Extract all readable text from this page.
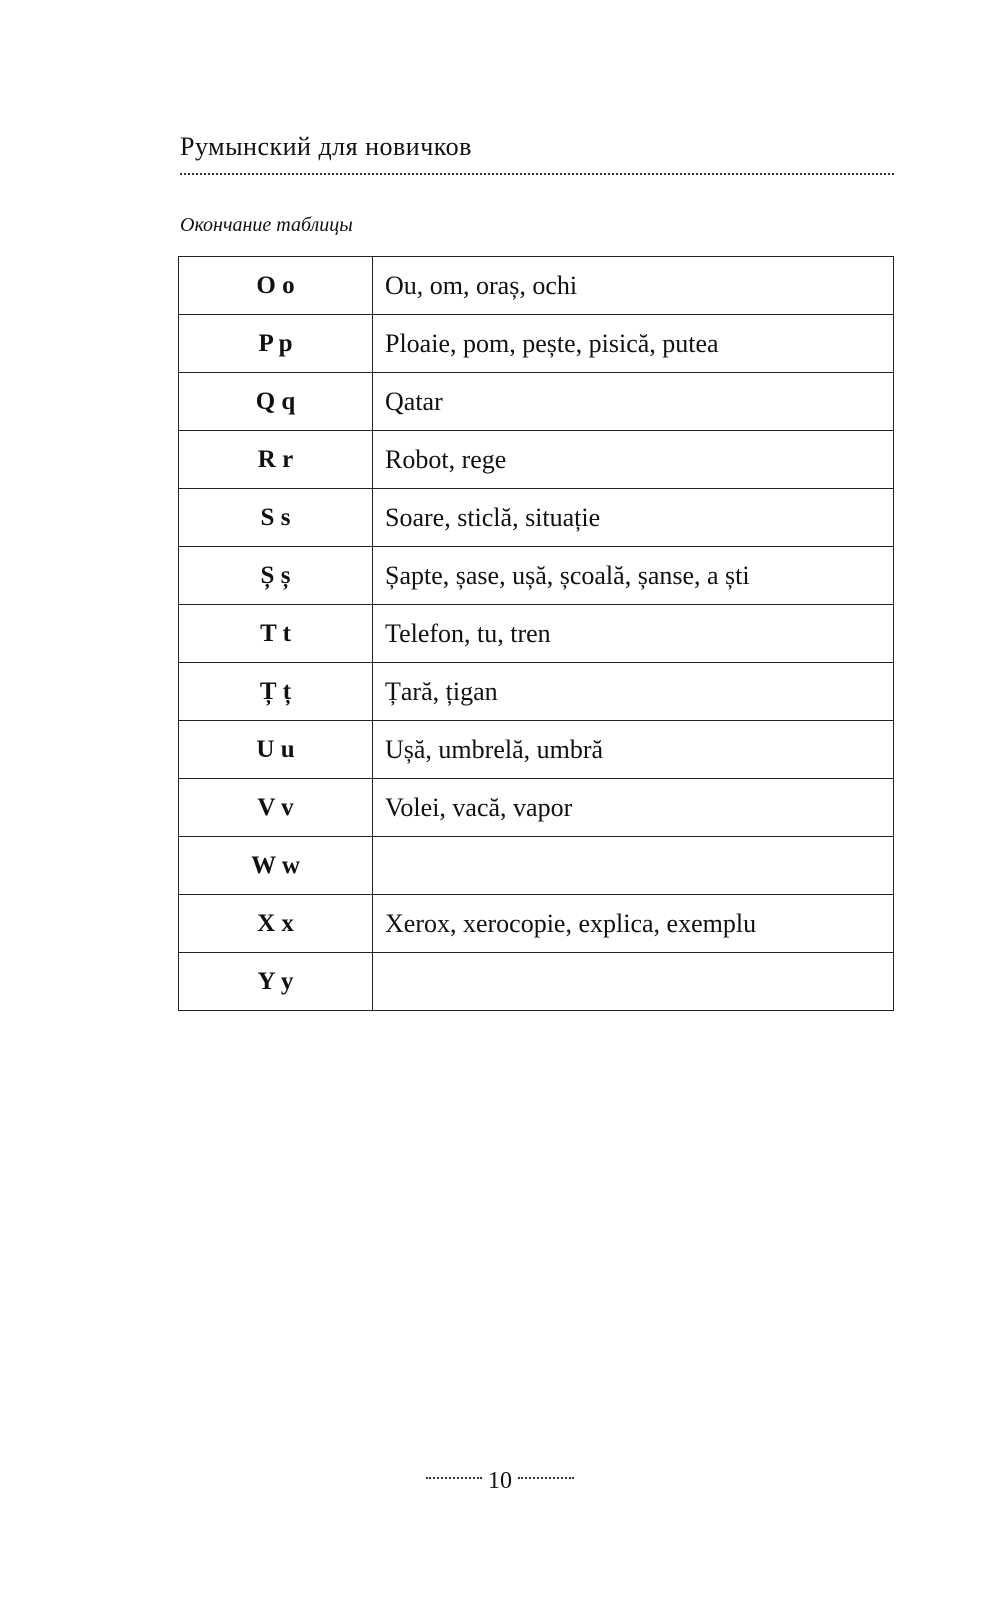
Румынский для новичков
Окончание таблицы
O o	Ou, om, oraș, ochi
P p	Ploaie, pom, pește, pisică, putea
Q q	Qatar
R r	Robot, rege
S s	Soare, sticlă, situație
Ș ș	Șapte, șase, ușă, școală, șanse, a ști
T t	Telefon, tu, tren
Ț ț	Țară, țigan
U u	Ușă, umbrelă, umbră
V v	Volei, vacă, vapor
W w	
X x	Xerox, xerocopie, explica, exemplu
Y y	
10
